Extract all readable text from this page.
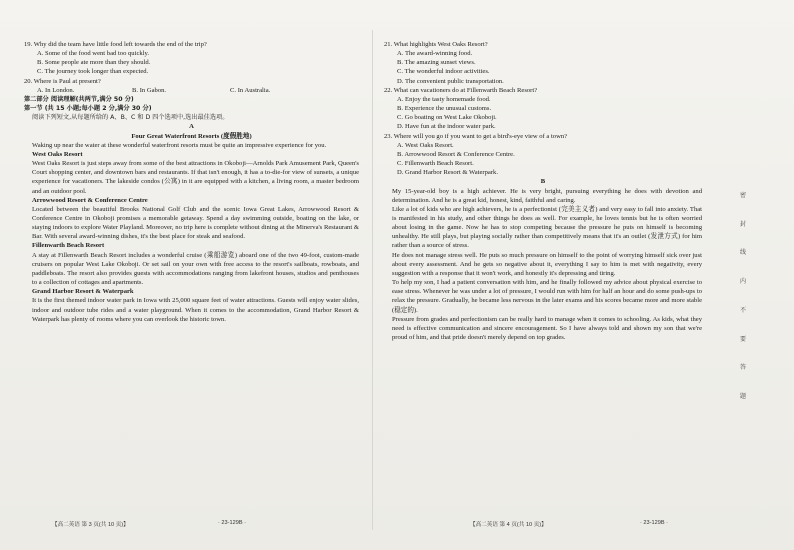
19. Why did the team have little food left towards the end of the trip?

A. Some of the food went bad too quickly.

B. Some people ate more than they should.

C. The journey took longer than expected.

20. Where is Paul at present?

A. In London.	B. In Gabon.	C. In Australia.

第二部分 阅读理解(共两节,满分 50 分)

第一节 (共 15 小题;每小题 2 分,满分 30 分)

阅读下列短文,从每题所给的 A、B、C 和 D 四个选项中,选出最佳选项。

A

Four Great Waterfront Resorts (度假胜地)

Waking up near the water at these wonderful waterfront resorts must be quite an impressive experience for you.

West Oaks Resort

West Oaks Resort is just steps away from some of the best attractions in Okoboji—Arnolds Park Amusement Park, Queen's Court shopping center, and downtown bars and restaurants. If that isn't enough, it has a to-die-for view of sunsets, a unique experience for vacationers. The lakeside condos (公寓) in it are equipped with a kitchen, a living room, a master bedroom and an outdoor pool.

Arrowwood Resort & Conference Centre

Located between the beautiful Brooks National Golf Club and the scenic Iowa Great Lakes, Arrowwood Resort & Conference Centre in Okoboji promises a memorable getaway. Spend a day swimming outside, boating on the lake, or staying indoors to explore Water Playland. Moreover, no trip here is complete without dining at the Minerva's Restaurant & Bar. With several award-winning dishes, it's the best place for steak and seafood.

Fillenwarth Beach Resort

A stay at Fillenwarth Beach Resort includes a wonderful cruise (乘船游览) aboard one of the two 49-foot, custom-made cruisers on popular West Lake Okoboji. Or set sail on your own with free access to the resort's sailboats, rowboats, and paddleboats. The resort also provides guests with accommodations ranging from lakefront houses, studios and penthouses to a collection of cottages and apartments.

Grand Harbor Resort & Waterpark

It is the first themed indoor water park in Iowa with 25,000 square feet of water attractions. Guests will enjoy water slides, indoor and outdoor tube rides and a water playground. When it comes to the accommodation, Grand Harbor Resort & Waterpark has plenty of rooms where you can overlook the historic town.

21. What highlights West Oaks Resort?

A. The award-winning food.

B. The amazing sunset views.

C. The wonderful indoor activities.

D. The convenient public transportation.

22. What can vacationers do at Fillenwarth Beach Resort?

A. Enjoy the tasty homemade food.

B. Experience the unusual customs.

C. Go boating on West Lake Okoboji.

D. Have fun at the indoor water park.

23. Where will you go if you want to get a bird's-eye view of a town?

A. West Oaks Resort.

B. Arrowwood Resort & Conference Centre.

C. Fillenwarth Beach Resort.

D. Grand Harbor Resort & Waterpark.

B

My 15-year-old boy is a high achiever. He is very bright, pursuing everything he does with devotion and determination. And he is a great kid, honest, kind, faithful and caring.

Like a lot of kids who are high achievers, he is a perfectionist (完美主义者) and very easy to fall into anxiety. That is manifested in his study, and other things he does as well. For example, he loves tennis but he is often worried about losing in the game. Now he has to stop competing because the pressure he puts on himself is becoming unhealthy. He still plays, but playing socially rather than competitively means that it's an outlet (发泄方式) for him rather than a source of stress.

He does not manage stress well. He puts so much pressure on himself to the point of worrying himself sick over just about every assessment. And he gets so negative about it, everything I say to him is met with negativity, every suggestion with a response that it won't work, and honestly it's depressing and tiring.

To help my son, I had a patient conversation with him, and he finally followed my advice about physical exercise to ease stress. Whenever he was under a lot of pressure, I would run with him for half an hour and do some push-ups to relax the pressure. Gradually, he became less nervous in the later exams and his scores became more and more stable (稳定的).

Pressure from grades and perfectionism can be really hard to manage when it comes to schooling. As kids, what they need is effective communication and sincere encouragement. So I have always told and shown my son that we're proud of him, and that pride doesn't merely depend on top grades.

密
封
线
内
不
要
答
题
【高二英语 第 3 页(共 10 页)】	· 23-129B ·	【高二英语 第 4 页(共 10 页)】	· 23-129B ·
